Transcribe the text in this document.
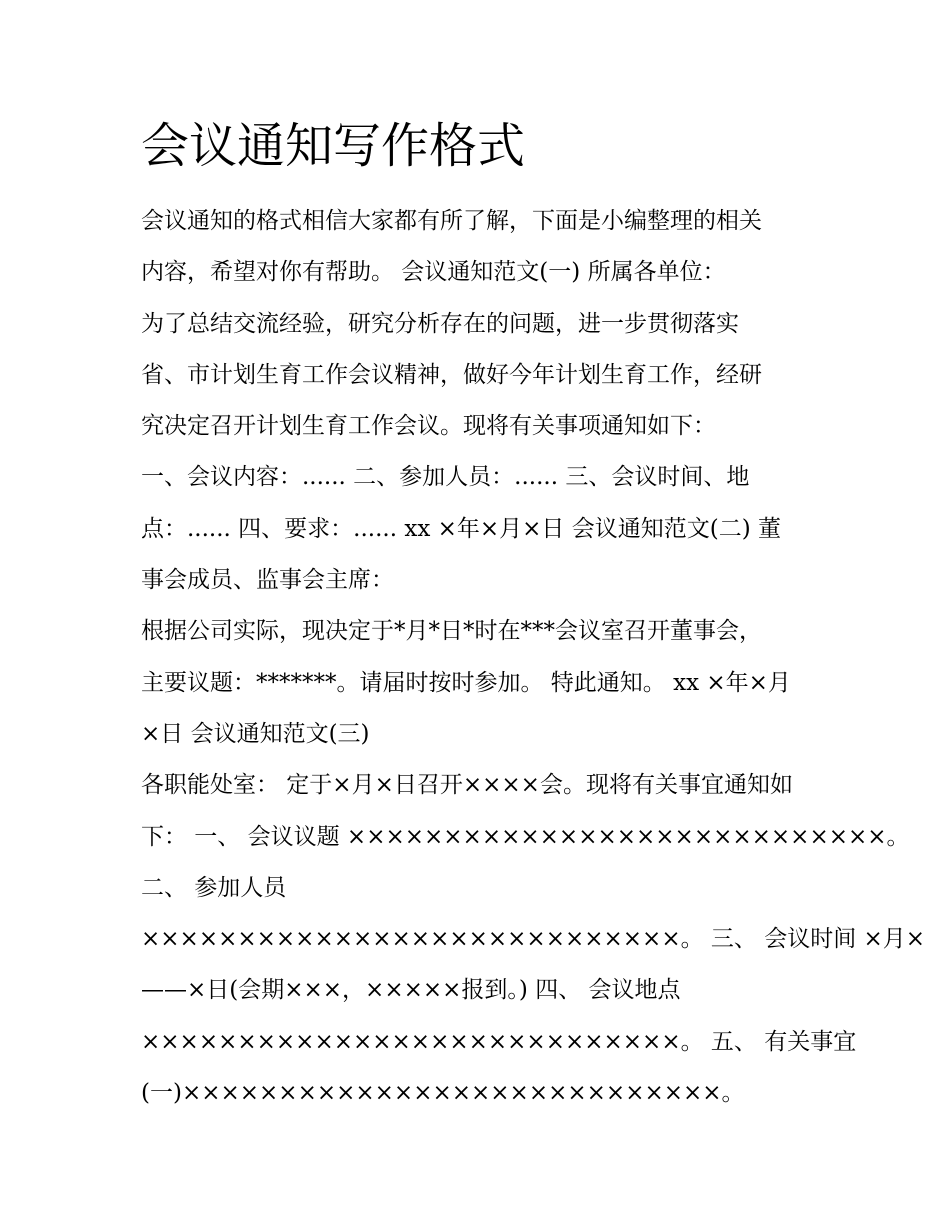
会议通知写作格式
会议通知的格式相信大家都有所了解，下面是小编整理的相关
内容，希望对你有帮助。 会议通知范文(一) 所属各单位：
为了总结交流经验，研究分析存在的问题，进一步贯彻落实
省、市计划生育工作会议精神，做好今年计划生育工作，经研
究决定召开计划生育工作会议。现将有关事项通知如下：
一、会议内容：...... 二、参加人员：...... 三、会议时间、地
点：...... 四、要求：...... xx ×年×月×日 会议通知范文(二) 董
事会成员、监事会主席：
根据公司实际，现决定于*月*日*时在***会议室召开董事会，
主要议题：*******。请届时按时参加。 特此通知。 xx ×年×月
×日 会议通知范文(三)
各职能处室： 定于×月×日召开××××会。现将有关事宜通知如
下： 一、 会议议题 ××××××××××××××××××××××××××××。
二、 参加人员
××××××××××××××××××××××××××××。 三、 会议时间 ×月×
——×日(会期×××，×××××报到。) 四、 会议地点
××××××××××××××××××××××××××××。 五、 有关事宜
(一)××××××××××××××××××××××××××××。
